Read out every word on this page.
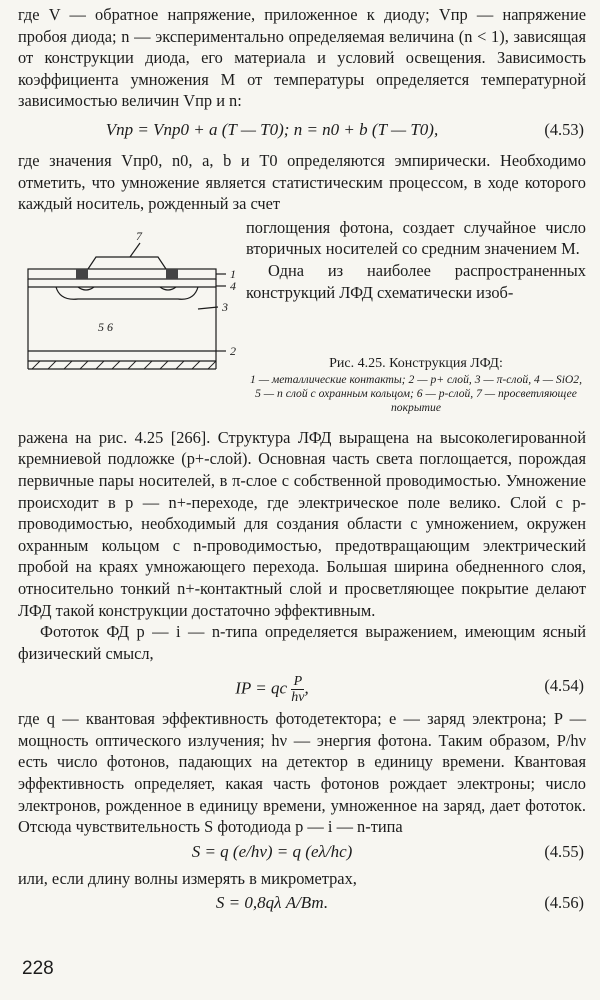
где V — обратное напряжение, приложенное к диоду; Vпр — напряжение пробоя диода; n — экспериментально определяемая величина (n < 1), зависящая от конструкции диода, его материала и условий освещения. Зависимость коэффициента умножения M от температуры определяется температурной зависимостью величин Vпр и n:

Vпр = Vпр0 + a (T — T0); n = n0 + b (T — T0),	(4.53)

где значения Vпр0, n0, a, b и T0 определяются эмпирически. Необходимо отметить, что умножение является статистическим процессом, в ходе которого каждый носитель, рожденный за счет

1
4
3
2
7
5 6

поглощения фотона, создает случайное число вторичных носителей со средним значением M.

Одна из наиболее распространенных конструкций ЛФД схематически изоб-

Рис. 4.25. Конструкция ЛФД:
1 — металлические контакты; 2 — p+ слой, 3 — π-слой, 4 — SiO2, 5 — n слой с охранным кольцом; 6 — p-слой, 7 — просветляющее покрытие

ражена на рис. 4.25 [266]. Структура ЛФД выращена на высоколегированной кремниевой подложке (p+-слой). Основная часть света поглощается, порождая первичные пары носителей, в π-слое с собственной проводимостью. Умножение происходит в p — n+-переходе, где электрическое поле велико. Слой с p-проводимостью, необходимый для создания области с умножением, окружен охранным кольцом с n-проводимостью, предотвращающим электрический пробой на краях умножающего перехода. Большая ширина обедненного слоя, относительно тонкий n+-контактный слой и просветляющее покрытие делают ЛФД такой конструкции достаточно эффективным.

Фототок ФД p — i — n-типа определяется выражением, имеющим ясный физический смысл,

IP = qc $\frac{P}{h\nu}$ ,	(4.54)

где q — квантовая эффективность фотодетектора; e — заряд электрона; P — мощность оптического излучения; hν — энергия фотона. Таким образом, P/hν есть число фотонов, падающих на детектор в единицу времени. Квантовая эффективность определяет, какая часть фотонов рождает электроны; число электронов, рожденное в единицу времени, умноженное на заряд, дает фототок. Отсюда чувствительность S фотодиода p — i — n-типа

S = q (e/hν) = q (eλ/hc)	(4.55)

или, если длину волны измерять в микрометрах,

S = 0,8qλ А/Вт.	(4.56)
228
